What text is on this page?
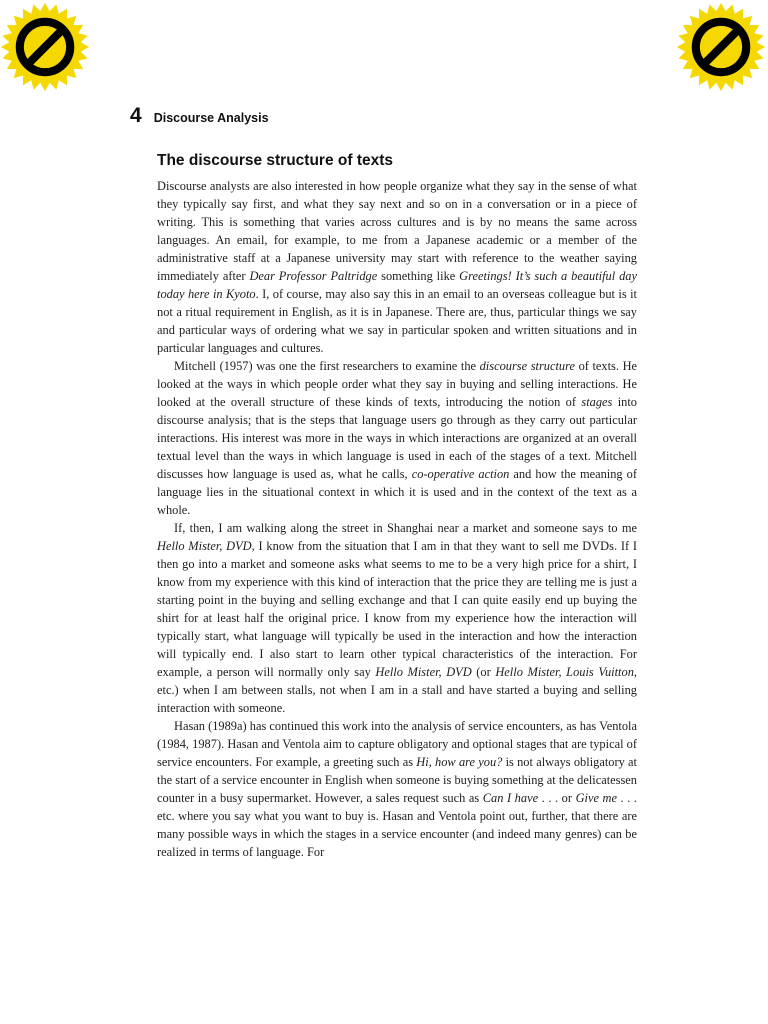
4 Discourse Analysis
The discourse structure of texts

Discourse analysts are also interested in how people organize what they say in the sense of what they typically say first, and what they say next and so on in a conversation or in a piece of writing. This is something that varies across cultures and is by no means the same across languages. An email, for example, to me from a Japanese academic or a member of the administrative staff at a Japanese university may start with reference to the weather saying immediately after Dear Professor Paltridge something like Greetings! It’s such a beautiful day today here in Kyoto. I, of course, may also say this in an email to an overseas colleague but is it not a ritual requirement in English, as it is in Japanese. There are, thus, particular things we say and particular ways of ordering what we say in particular spoken and written situations and in particular languages and cultures.

Mitchell (1957) was one the first researchers to examine the discourse structure of texts. He looked at the ways in which people order what they say in buying and selling interactions. He looked at the overall structure of these kinds of texts, introducing the notion of stages into discourse analysis; that is the steps that language users go through as they carry out particular interactions. His interest was more in the ways in which interactions are organized at an overall textual level than the ways in which language is used in each of the stages of a text. Mitchell discusses how language is used as, what he calls, co-operative action and how the meaning of language lies in the situational context in which it is used and in the context of the text as a whole.

If, then, I am walking along the street in Shanghai near a market and someone says to me Hello Mister, DVD, I know from the situation that I am in that they want to sell me DVDs. If I then go into a market and someone asks what seems to me to be a very high price for a shirt, I know from my experience with this kind of interaction that the price they are telling me is just a starting point in the buying and selling exchange and that I can quite easily end up buying the shirt for at least half the original price. I know from my experience how the interaction will typically start, what language will typically be used in the interaction and how the interaction will typically end. I also start to learn other typical characteristics of the interaction. For example, a person will normally only say Hello Mister, DVD (or Hello Mister, Louis Vuitton, etc.) when I am between stalls, not when I am in a stall and have started a buying and selling interaction with someone.

Hasan (1989a) has continued this work into the analysis of service encounters, as has Ventola (1984, 1987). Hasan and Ventola aim to capture obligatory and optional stages that are typical of service encounters. For example, a greeting such as Hi, how are you? is not always obligatory at the start of a service encounter in English when someone is buying something at the delicatessen counter in a busy supermarket. However, a sales request such as Can I have . . . or Give me . . . etc. where you say what you want to buy is. Hasan and Ventola point out, further, that there are many possible ways in which the stages in a service encounter (and indeed many genres) can be realized in terms of language. For
